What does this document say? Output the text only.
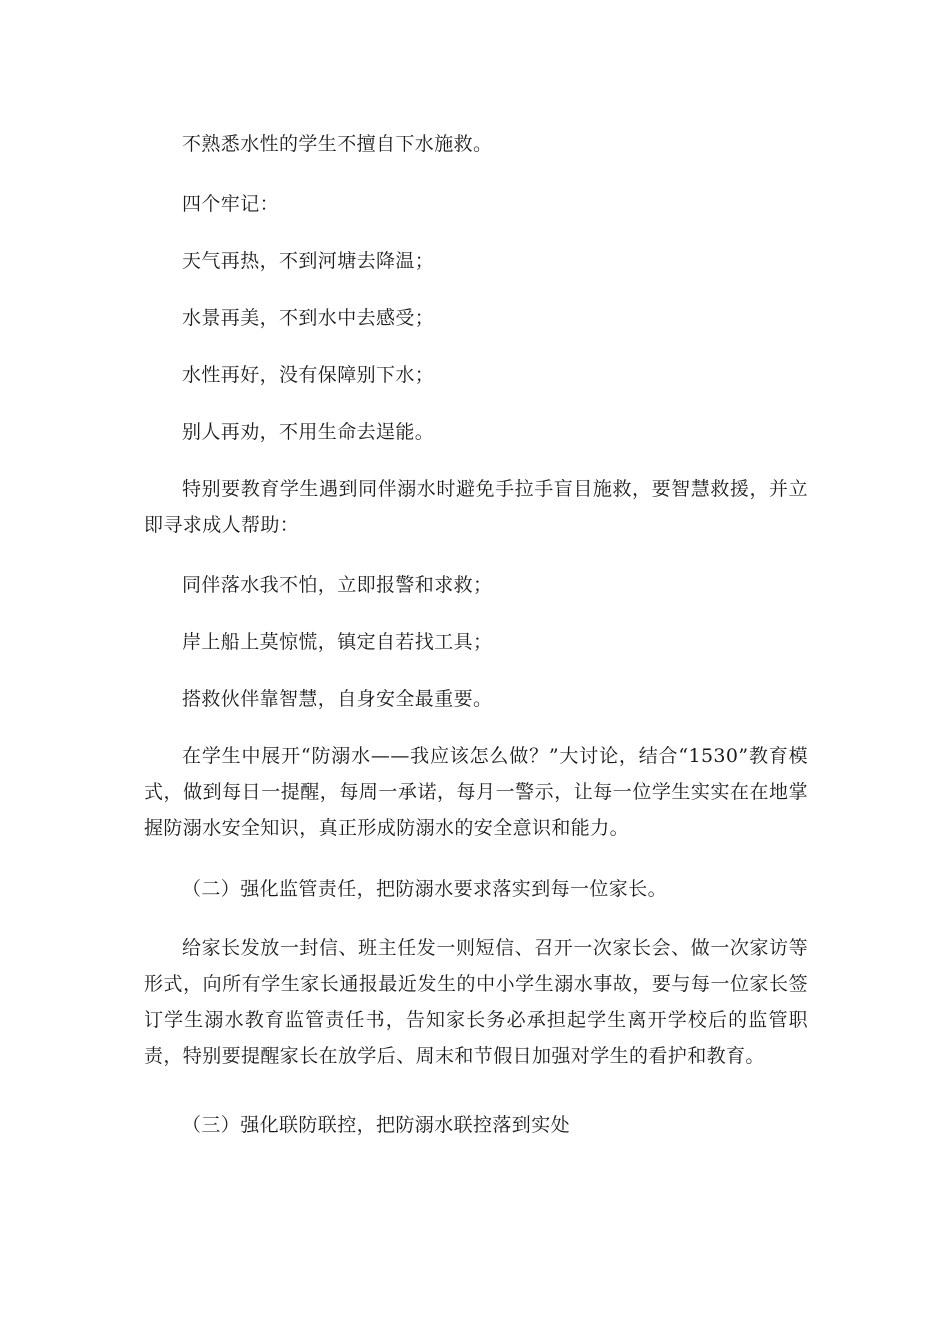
不熟悉水性的学生不擅自下水施救。

四个牢记：

天气再热，不到河塘去降温；

水景再美，不到水中去感受；

水性再好，没有保障别下水；

别人再劝，不用生命去逞能。

特别要教育学生遇到同伴溺水时避免手拉手盲目施救，要智慧救援，并立即寻求成人帮助：

同伴落水我不怕，立即报警和求救；

岸上船上莫惊慌，镇定自若找工具；

搭救伙伴靠智慧，自身安全最重要。

在学生中展开“防溺水——我应该怎么做？”大讨论，结合“1530”教育模式，做到每日一提醒，每周一承诺，每月一警示，让每一位学生实实在在地掌握防溺水安全知识，真正形成防溺水的安全意识和能力。

（二）强化监管责任，把防溺水要求落实到每一位家长。

给家长发放一封信、班主任发一则短信、召开一次家长会、做一次家访等形式，向所有学生家长通报最近发生的中小学生溺水事故，要与每一位家长签订学生溺水教育监管责任书，告知家长务必承担起学生离开学校后的监管职责，特别要提醒家长在放学后、周末和节假日加强对学生的看护和教育。

（三）强化联防联控，把防溺水联控落到实处
